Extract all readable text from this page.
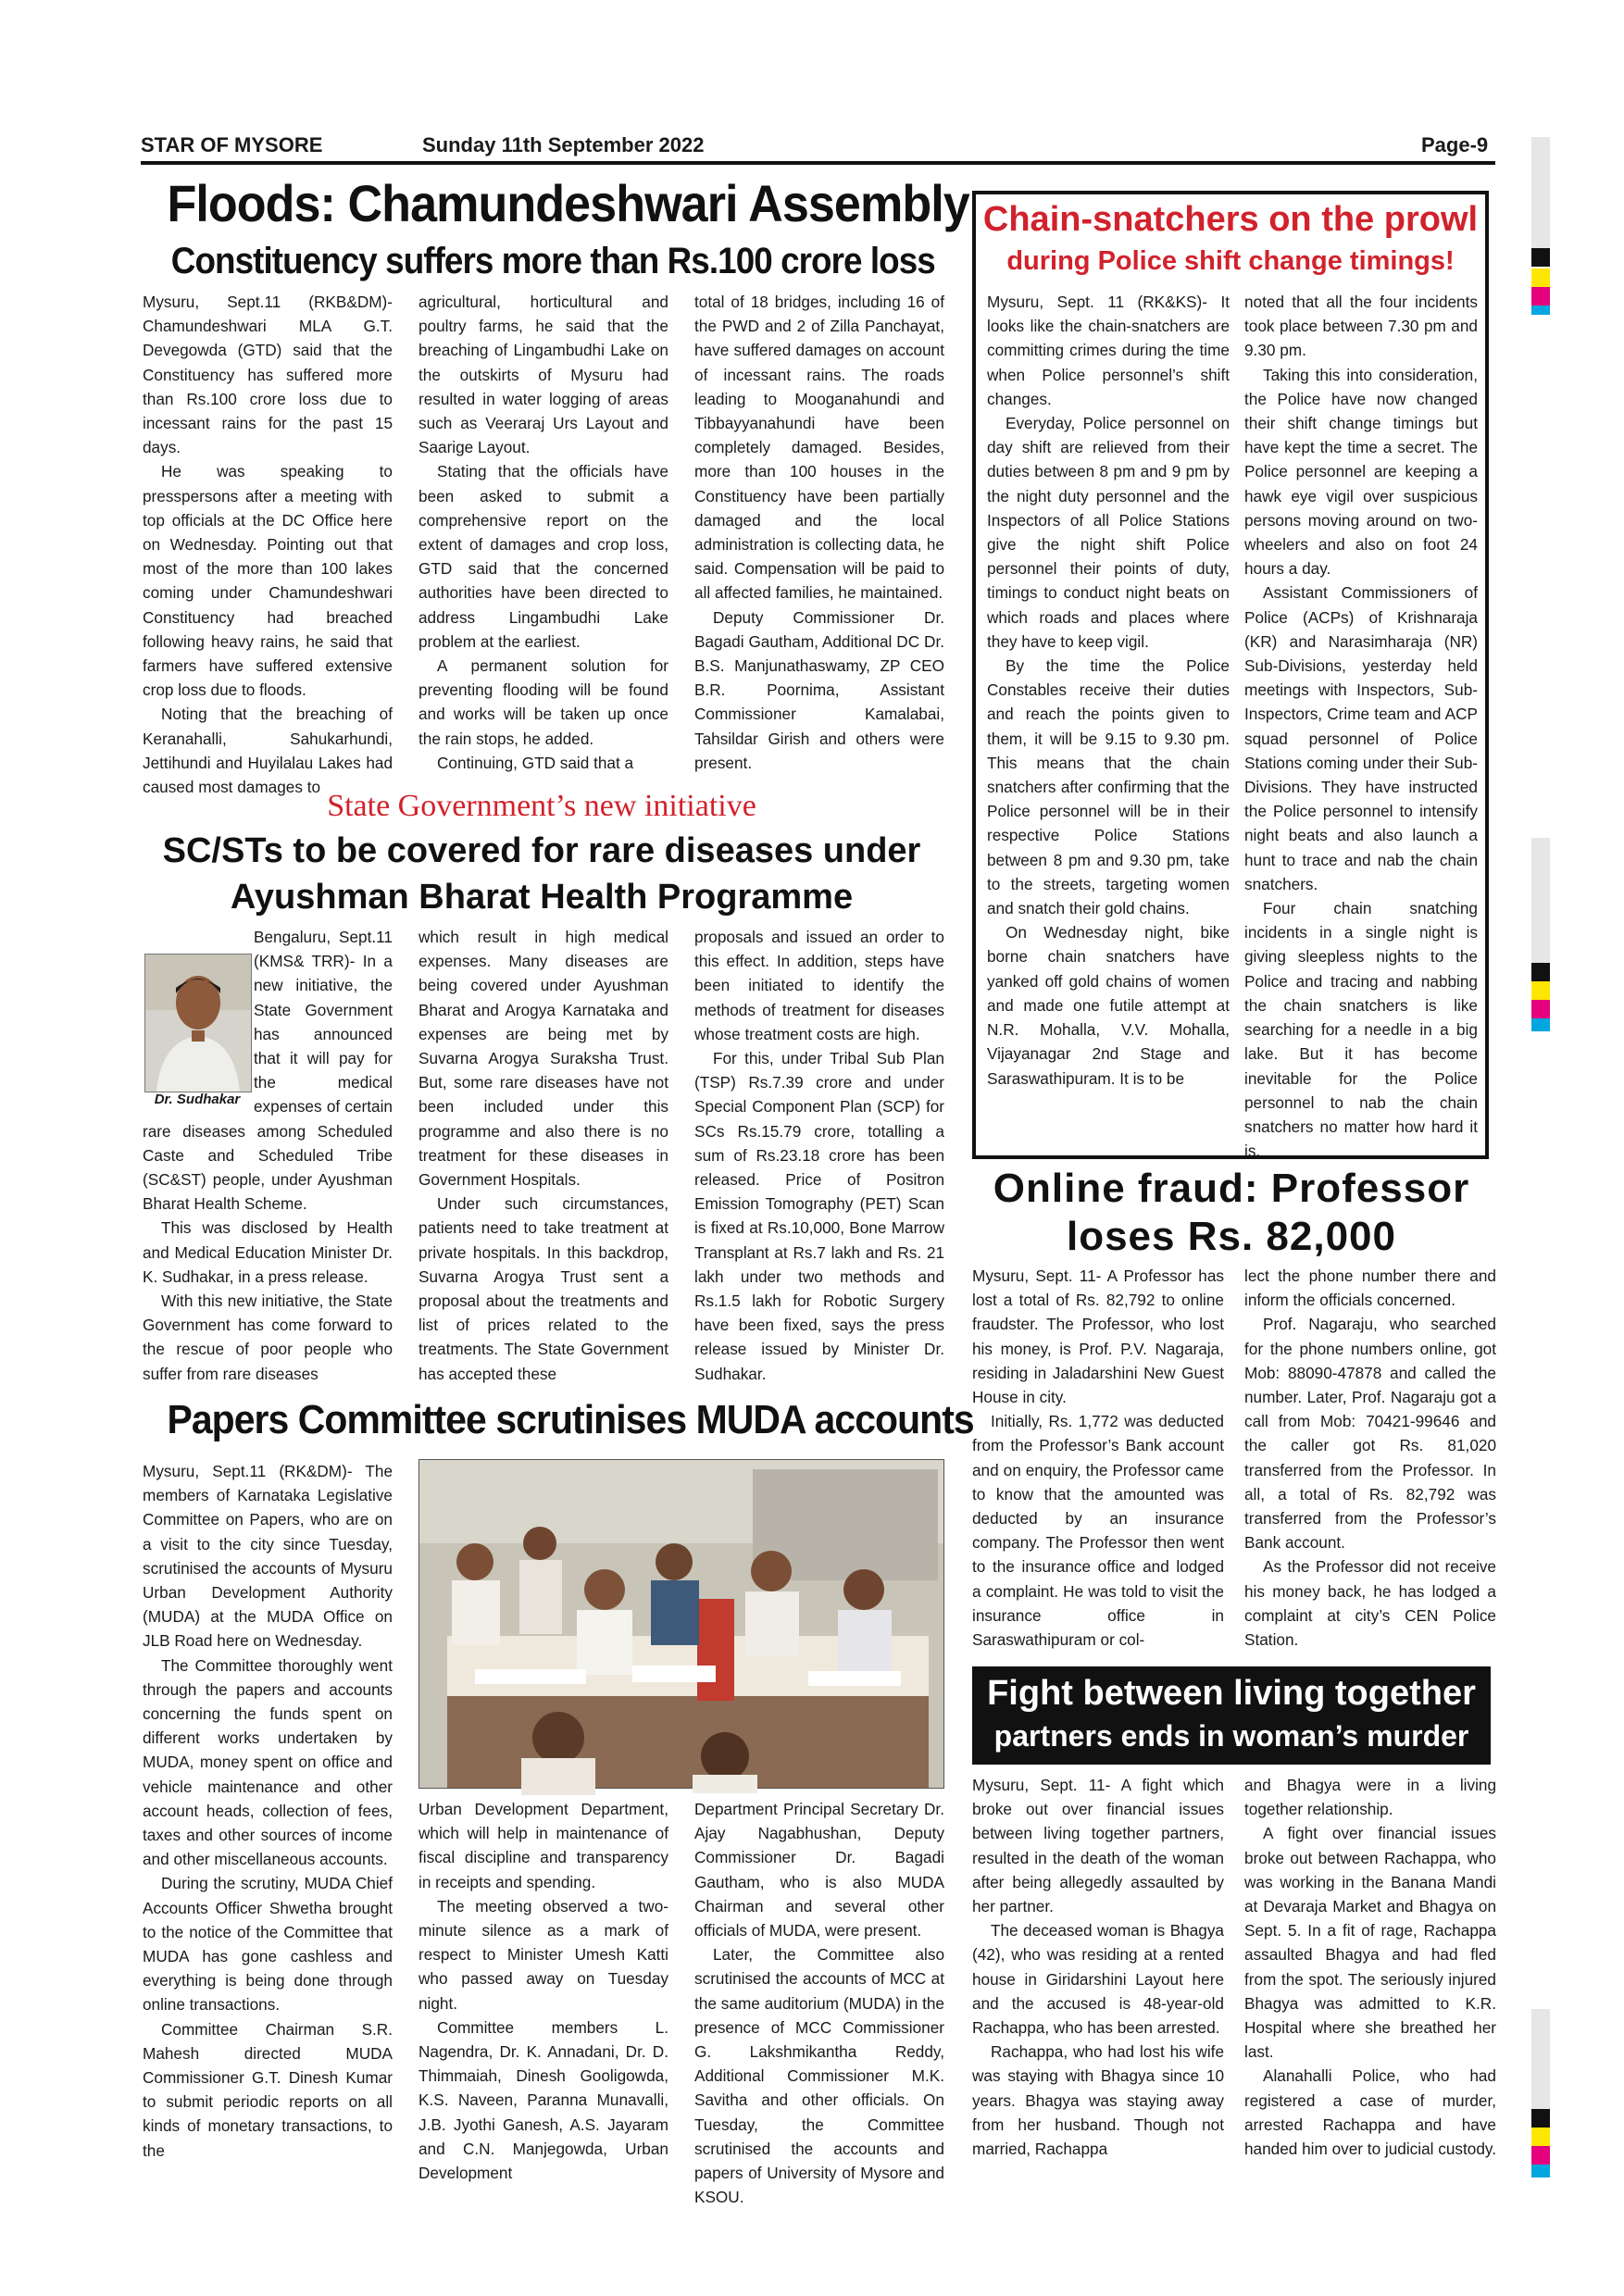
STAR OF MYSORE	Sunday 11th September 2022	Page-9
Floods: Chamundeshwari Assembly
Constituency suffers more than Rs.100 crore loss

Mysuru, Sept.11 (RKB&DM)- Chamundeshwari MLA G.T. Devegowda (GTD) said that the Constituency has suffered more than Rs.100 crore loss due to incessant rains for the past 15 days.

He was speaking to presspersons after a meeting with top officials at the DC Office here on Wednesday. Pointing out that most of the more than 100 lakes coming under Chamundeshwari Constituency had breached following heavy rains, he said that farmers have suffered extensive crop loss due to floods.

Noting that the breaching of Keranahalli, Sahukarhundi, Jettihundi and Huyilalau Lakes had caused most damages to

agricultural, horticultural and poultry farms, he said that the breaching of Lingambudhi Lake on the outskirts of Mysuru had resulted in water logging of areas such as Veeraraj Urs Layout and Saarige Layout.

Stating that the officials have been asked to submit a comprehensive report on the extent of damages and crop loss, GTD said that the concerned authorities have been directed to address Lingambudhi Lake problem at the earliest.

A permanent solution for preventing flooding will be found and works will be taken up once the rain stops, he added.

Continuing, GTD said that a

total of 18 bridges, including 16 of the PWD and 2 of Zilla Panchayat, have suffered damages on account of incessant rains. The roads leading to Mooganahundi and Tibbayyanahundi have been completely damaged. Besides, more than 100 houses in the Constituency have been partially damaged and the local administration is collecting data, he said. Compensation will be paid to all affected families, he maintained.

Deputy Commissioner Dr. Bagadi Gautham, Additional DC Dr. B.S. Manjunathaswamy, ZP CEO B.R. Poornima, Assistant Commissioner Kamalabai, Tahsildar Girish and others were present.

Chain-snatchers on the prowl
during Police shift change timings!

Mysuru, Sept. 11 (RK&KS)- It looks like the chain-snatchers are committing crimes during the time when Police personnel’s shift changes.

Everyday, Police personnel on day shift are relieved from their duties between 8 pm and 9 pm by the night duty personnel and the Inspectors of all Police Stations give the night shift Police personnel their points of duty, timings to conduct night beats on which roads and places where they have to keep vigil.

By the time the Police Constables receive their duties and reach the points given to them, it will be 9.15 to 9.30 pm. This means that the chain snatchers after confirming that the Police personnel will be in their respective Police Stations between 8 pm and 9.30 pm, take to the streets, targeting women and snatch their gold chains.

On Wednesday night, bike borne chain snatchers have yanked off gold chains of women and made one futile attempt at N.R. Mohalla, V.V. Mohalla, Vijayanagar 2nd Stage and Saraswathipuram. It is to be

noted that all the four incidents took place between 7.30 pm and 9.30 pm.

Taking this into consideration, the Police have now changed their shift change timings but have kept the time a secret. The Police personnel are keeping a hawk eye vigil over suspicious persons moving around on two-wheelers and also on foot 24 hours a day.

Assistant Commissioners of Police (ACPs) of Krishnaraja (KR) and Narasimharaja (NR) Sub-Divisions, yesterday held meetings with Inspectors, Sub-Inspectors, Crime team and ACP squad personnel of Police Stations coming under their Sub-Divisions. They have instructed the Police personnel to intensify night beats and also launch a hunt to trace and nab the chain snatchers.

Four chain snatching incidents in a single night is giving sleepless nights to the Police and tracing and nabbing the chain snatchers is like searching for a needle in a big lake. But it has become inevitable for the Police personnel to nab the chain snatchers no matter how hard it is.

State Government’s new initiative
SC/STs to be covered for rare diseases under
Ayushman Bharat Health Programme
Dr. Sudhakar

Bengaluru, Sept.11 (KMS& TRR)- In a new initiative, the State Government has announced that it will pay for the medical expenses of certain rare diseases among Scheduled Caste and Scheduled Tribe (SC&ST) people, under Ayushman Bharat Health Scheme.

This was disclosed by Health and Medical Education Minister Dr. K. Sudhakar, in a press release.

With this new initiative, the State Government has come forward to the rescue of poor people who suffer from rare diseases

which result in high medical expenses. Many diseases are being covered under Ayushman Bharat and Arogya Karnataka and expenses are being met by Suvarna Arogya Suraksha Trust. But, some rare diseases have not been included under this programme and also there is no treatment for these diseases in Government Hospitals.

Under such circumstances, patients need to take treatment at private hospitals. In this backdrop, Suvarna Arogya Trust sent a proposal about the treatments and list of prices related to the treatments. The State Government has accepted these

proposals and issued an order to this effect. In addition, steps have been initiated to identify the methods of treatment for diseases whose treatment costs are high.

For this, under Tribal Sub Plan (TSP) Rs.7.39 crore and under Special Component Plan (SCP) for SCs Rs.15.79 crore, totalling a sum of Rs.23.18 crore has been released. Price of Positron Emission Tomography (PET) Scan is fixed at Rs.10,000, Bone Marrow Transplant at Rs.7 lakh and Rs. 21 lakh under two methods and Rs.1.5 lakh for Robotic Surgery have been fixed, says the press release issued by Minister Dr. Sudhakar.

Online fraud: Professor
loses Rs. 82,000

Mysuru, Sept. 11- A Professor has lost a total of Rs. 82,792 to online fraudster. The Professor, who lost his money, is Prof. P.V. Nagaraja, residing in Jaladarshini New Guest House in city.

Initially, Rs. 1,772 was deducted from the Professor’s Bank account and on enquiry, the Professor came to know that the amounted was deducted by an insurance company. The Professor then went to the insurance office and lodged a complaint. He was told to visit the insurance office in Saraswathipuram or col-

lect the phone number there and inform the officials concerned.

Prof. Nagaraju, who searched for the phone numbers online, got Mob: 88090-47878 and called the number. Later, Prof. Nagaraju got a call from Mob: 70421-99646 and the caller got Rs. 81,020 transferred from the Professor. In all, a total of Rs. 82,792 was transferred from the Professor’s Bank account.

As the Professor did not receive his money back, he has lodged a complaint at city’s CEN Police Station.

Papers Committee scrutinises MUDA accounts

Mysuru, Sept.11 (RK&DM)- The members of Karnataka Legislative Committee on Papers, who are on a visit to the city since Tuesday, scrutinised the accounts of Mysuru Urban Development Authority (MUDA) at the MUDA Office on JLB Road here on Wednesday.

The Committee thoroughly went through the papers and accounts concerning the funds spent on different works undertaken by MUDA, money spent on office and vehicle maintenance and other account heads, collection of fees, taxes and other sources of income and other miscellaneous accounts.

During the scrutiny, MUDA Chief Accounts Officer Shwetha brought to the notice of the Committee that MUDA has gone cashless and everything is being done through online transactions.

Committee Chairman S.R. Mahesh directed MUDA Commissioner G.T. Dinesh Kumar to submit periodic reports on all kinds of monetary transactions, to the

Urban Development Department, which will help in maintenance of fiscal discipline and transparency in receipts and spending.

The meeting observed a two-minute silence as a mark of respect to Minister Umesh Katti who passed away on Tuesday night.

Committee members L. Nagendra, Dr. K. Annadani, Dr. D. Thimmaiah, Dinesh Gooligowda, K.S. Naveen, Paranna Munavalli, J.B. Jyothi Ganesh, A.S. Jayaram and C.N. Manjegowda, Urban Development

Department Principal Secretary Dr. Ajay Nagabhushan, Deputy Commissioner Dr. Bagadi Gautham, who is also MUDA Chairman and several other officials of MUDA, were present.

Later, the Committee also scrutinised the accounts of MCC at the same auditorium (MUDA) in the presence of MCC Commissioner G. Lakshmikantha Reddy, Additional Commissioner M.K. Savitha and other officials. On Tuesday, the Committee scrutinised the accounts and papers of University of Mysore and KSOU.

Fight between living together
partners ends in woman’s murder

Mysuru, Sept. 11- A fight which broke out over financial issues between living together partners, resulted in the death of the woman after being allegedly assaulted by her partner.

The deceased woman is Bhagya (42), who was residing at a rented house in Giridarshini Layout here and the accused is 48-year-old Rachappa, who has been arrested.

Rachappa, who had lost his wife was staying with Bhagya since 10 years. Bhagya was staying away from her husband. Though not married, Rachappa

and Bhagya were in a living together relationship.

A fight over financial issues broke out between Rachappa, who was working in the Banana Mandi at Devaraja Market and Bhagya on Sept. 5. In a fit of rage, Rachappa assaulted Bhagya and had fled from the spot. The seriously injured Bhagya was admitted to K.R. Hospital where she breathed her last.

Alanahalli Police, who had registered a case of murder, arrested Rachappa and have handed him over to judicial custody.
